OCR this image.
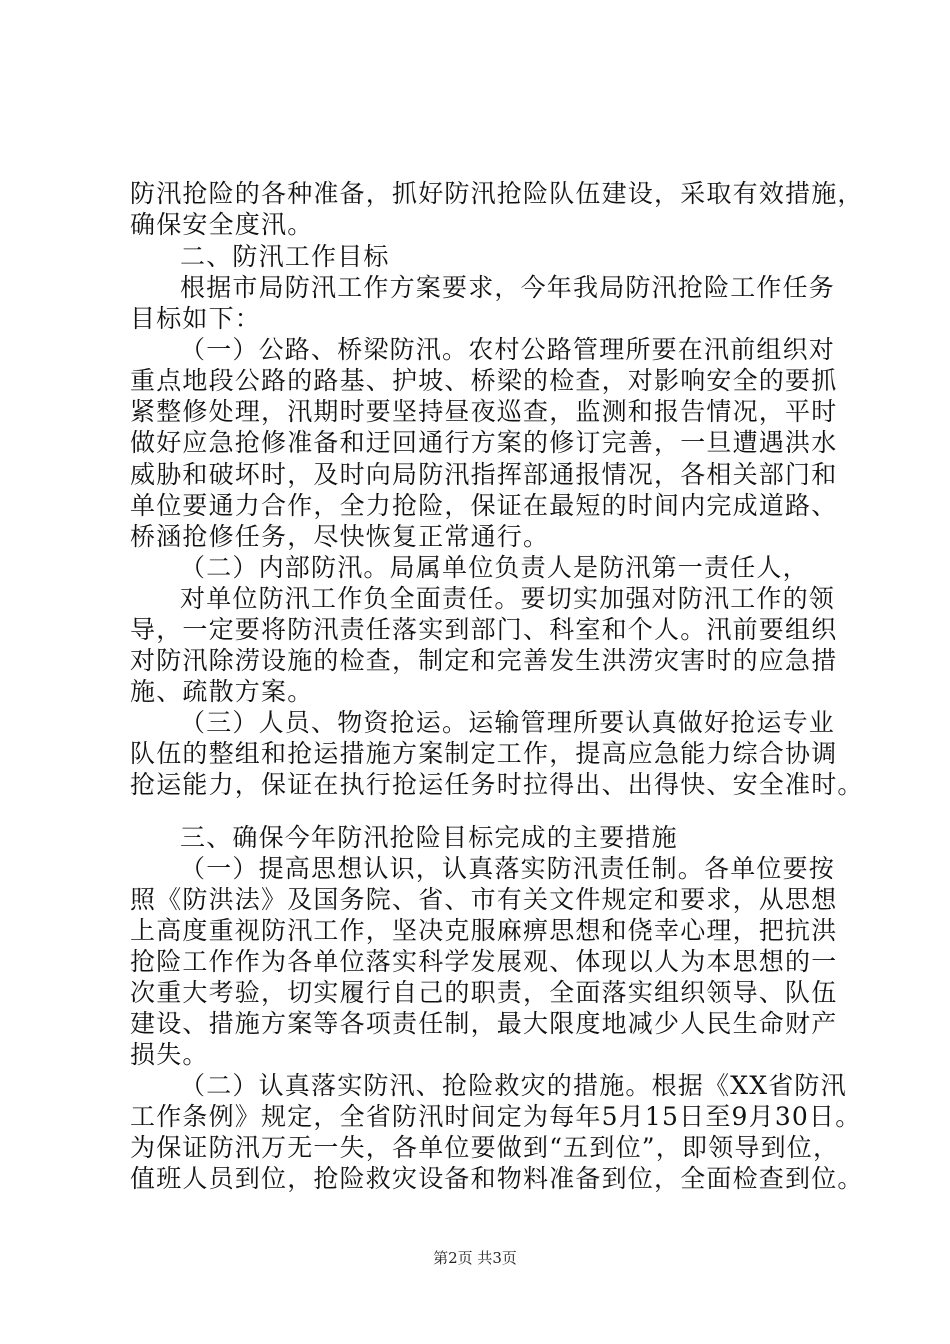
防汛抢险的各种准备，抓好防汛抢险队伍建设，采取有效措施，
确保安全度汛。
二、防汛工作目标
根据市局防汛工作方案要求，今年我局防汛抢险工作任务
目标如下：
（一）公路、桥梁防汛。农村公路管理所要在汛前组织对
重点地段公路的路基、护坡、桥梁的检查，对影响安全的要抓
紧整修处理，汛期时要坚持昼夜巡查，监测和报告情况，平时
做好应急抢修准备和迂回通行方案的修订完善，一旦遭遇洪水
威胁和破坏时，及时向局防汛指挥部通报情况，各相关部门和
单位要通力合作，全力抢险，保证在最短的时间内完成道路、
桥涵抢修任务，尽快恢复正常通行。
（二）内部防汛。局属单位负责人是防汛第一责任人，
对单位防汛工作负全面责任。要切实加强对防汛工作的领
导，一定要将防汛责任落实到部门、科室和个人。汛前要组织
对防汛除涝设施的检查，制定和完善发生洪涝灾害时的应急措
施、疏散方案。
（三）人员、物资抢运。运输管理所要认真做好抢运专业
队伍的整组和抢运措施方案制定工作，提高应急能力综合协调
抢运能力，保证在执行抢运任务时拉得出、出得快、安全准时。
三、确保今年防汛抢险目标完成的主要措施
（一）提高思想认识，认真落实防汛责任制。各单位要按
照《防洪法》及国务院、省、市有关文件规定和要求，从思想
上高度重视防汛工作，坚决克服麻痹思想和侥幸心理，把抗洪
抢险工作作为各单位落实科学发展观、体现以人为本思想的一
次重大考验，切实履行自己的职责，全面落实组织领导、队伍
建设、措施方案等各项责任制，最大限度地减少人民生命财产
损失。
（二）认真落实防汛、抢险救灾的措施。根据《XX省防汛
工作条例》规定，全省防汛时间定为每年5月15日至9月30日。
为保证防汛万无一失，各单位要做到“五到位”，即领导到位，
值班人员到位，抢险救灾设备和物料准备到位，全面检查到位。
第2页 共3页
